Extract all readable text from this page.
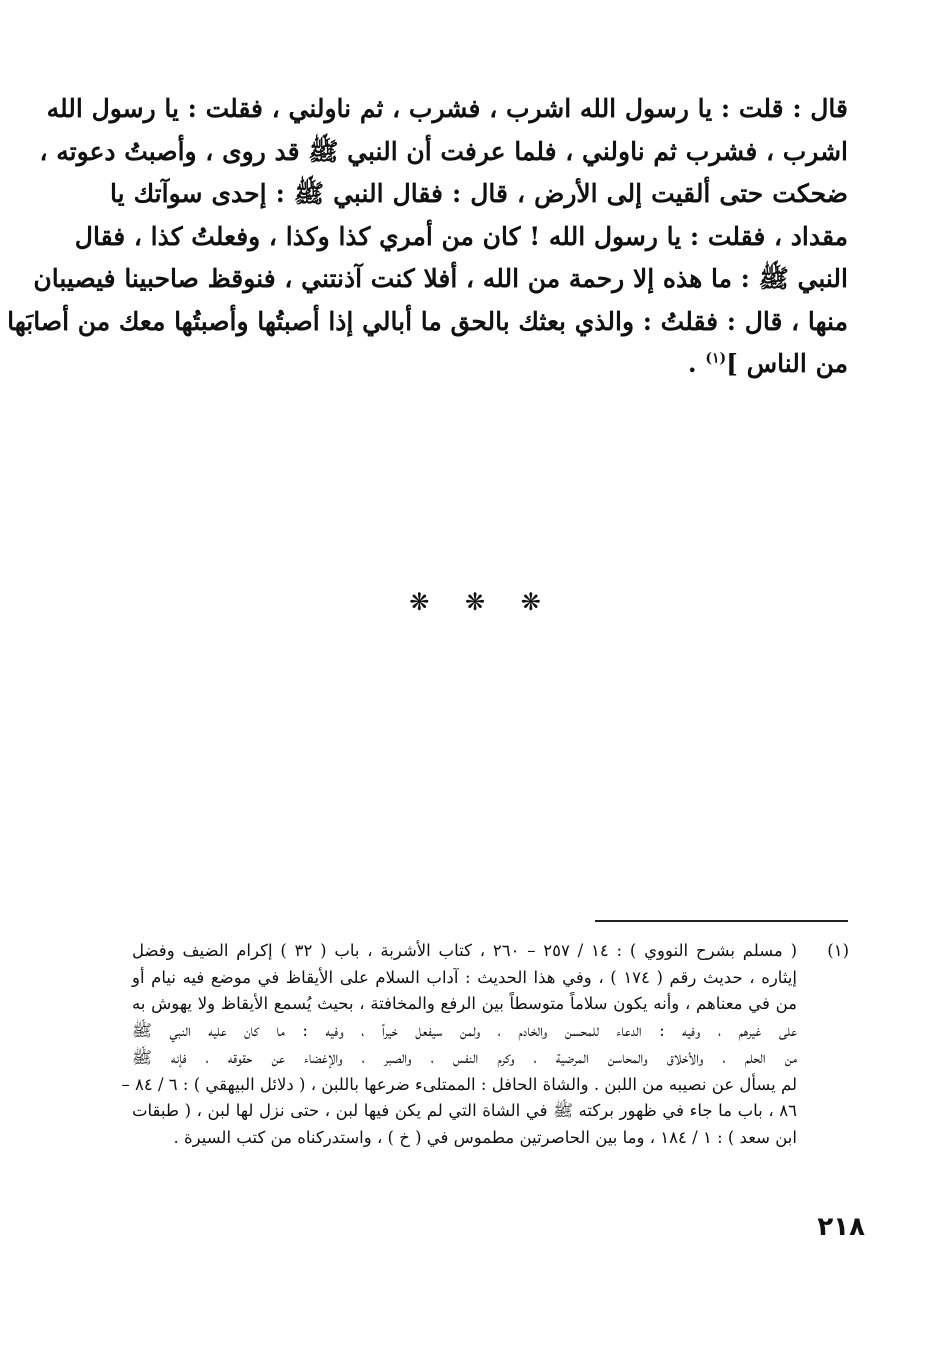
قال : قلت : يا رسول الله اشرب ، فشرب ، ثم ناولني ، فقلت : يا رسول الله

اشرب ، فشرب ثم ناولني ، فلما عرفت أن النبي ﷺ قد روى ، وأصبتُ دعوته ،

ضحكت حتى ألقيت إلى الأرض ، قال : فقال النبي ﷺ : إحدى سوآتك يا

مقداد ، فقلت : يا رسول الله ! كان من أمري كذا وكذا ، وفعلتُ كذا ، فقال

النبي ﷺ : ما هذه إلا رحمة من الله ، أفلا كنت آذنتني ، فنوقظ صاحبينا فيصيبان

منها ، قال : فقلتُ : والذي بعثك بالحق ما أبالي إذا أصبتُها وأصبتُها معك من أصابَها

من الناس ]$^{(١)}$ .

❋ ❋ ❋
(١)

( مسلم بشرح النووي ) : ١٤ / ٢٥٧ – ٢٦٠ ، كتاب الأشربة ، باب ( ٣٢ ) إكرام الضيف وفضل

إيثاره ، حديث رقم ( ١٧٤ ) ، وفي هذا الحديث : آداب السلام على الأيقاظ في موضع فيه نيام أو

من في معناهم ، وأنه يكون سلاماً متوسطاً بين الرفع والمخافتة ، بحيث يُسمع الأيقاظ ولا يهوش به

على غيرهم ، وفيه : الدعاء للمحسن والخادم ، ولمن سيفعل خيراً ، وفيه : ما كان عليه النبي ﷺ

من الحلم ، والأخلاق والمحاسن المرضية ، وكرم النفس ، والصبر ، والإغضاء عن حقوقه ، فإنه ﷺ

لم يسأل عن نصيبه من اللبن . والشاة الحافل : الممتلىء ضرعها باللبن ، ( دلائل البيهقي ) : ٦ / ٨٤ –

٨٦ ، باب ما جاء في ظهور بركته ﷺ في الشاة التي لم يكن فيها لبن ، حتى نزل لها لبن ، ( طبقات

ابن سعد ) : ١ / ١٨٤ ، وما بين الحاصرتين مطموس في ( خ ) ، واستدركناه من كتب السيرة .

٢١٨
